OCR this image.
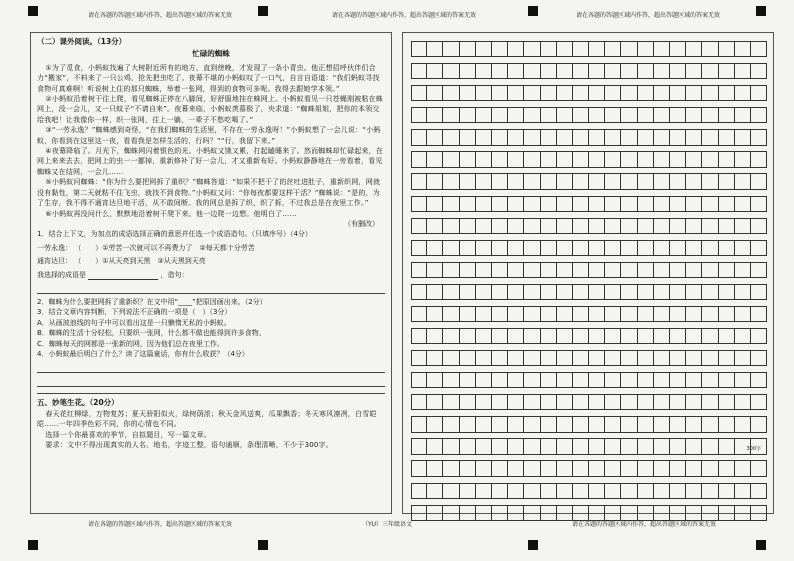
请在各题的答题区域内作答，超出答题区域的答案无效	请在各题的答题区域内作答，超出答题区域的答案无效	请在各题的答题区域内作答，超出答题区域的答案无效

（二）课外阅读。（13分）

忙碌的蜘蛛

①为了觅食，小蚂蚁找遍了大树附近所有的地方，直到傍晚，才发现了一条小青虫。他正想招呼伙伴们合力“搬家”，不料来了一只公鸡，抢先把虫吃了。夜幕不堪的小蚂蚁叹了一口气，自言自语道：“我们蚂蚁寻找食物可真难啊！听说树上住的那只蜘蛛，举着一张网，得到的食物可多呢。我得去跟她学本领。”

②小蚂蚁沿着树干往上爬，看见蜘蛛正停在八脚间，好舒服地挂在蛛网上。小蚂蚁看见一只苍蝇刚被粘在蛛网上，没一会儿，又一只蚊子“不请自来”。夜幕来临，小蚂蚁羡慕极了，央求道：“蜘蛛姐姐，把你的本领交给我吧！让我像你一样，织一张网，往上一躺，一辈子不愁吃喝了。”

③“一劳永逸？”蜘蛛感到奇怪，“在我们蜘蛛的生活里，不存在一劳永逸呀！”小蚂蚁想了一会儿说：“小蚂蚁，你看到在这里这一夜，看看我是怎样生活的，行吗？”“行，我留下来。”

④夜幕降临了。月光下，蜘蛛网闪着银色的光。小蚂蚁又饿又累，打起瞌睡来了。然而蜘蛛却忙碌起来，在网上来来去去，把网上的虫一一挪掉，重新修补了好一会儿，才又重新布好。小蚂蚁静静地在一旁看着，看见蜘蛛又在结网，一会儿……

⑤小蚂蚁问蜘蛛：“你为什么要把网拆了重织？”蜘蛛答道：“如果不把干了的丝吐进肚子，重新织网，网就没有黏性，第二天就粘不住飞虫，就找不到食物。”小蚂蚁又问：“你每夜都要这样干活？”蜘蛛说：“是的，为了生存，我不得不通宵达旦地干活，从不敢间断。我的网总是拆了织，织了拆，不过我总是在夜里工作。”

⑥小蚂蚁再没问什么，默默地沿着树干爬下来。他一边爬一边想。他明白了……

（有删改）

1．结合上下文，为加点的成语选择正确的意思并任选一个成语造句。（只填序号）（4分）

一劳永逸： （　　）①劳苦一次就可以不再费力了　②每天都十分劳苦

通宵达旦： （　　）①从天亮到天黑　②从天黑到天亮

我选择的成语是	，造句：

2．蜘蛛为什么要把网拆了重新织？在文中用“____”把原因画出来。（2分）

3．结合文章内容判断，下列说法不正确的一项是（　）（3分）

A．从画波浪线的句子中可以看出这是一只懒惰无私的小蚂蚁。

B．蜘蛛的生活十分轻松，只要织一张网，什么都不做也能得到许多食物。

C．蜘蛛每天的网都是一张新的网，因为他们总在夜里工作。

4．小蚂蚁最后明白了什么？读了这篇童话，你有什么收获？（4分）

五、妙笔生花。（20分）

春天花红柳绿，万物复苏；夏天骄阳似火，绿树荫浓；秋天金风送爽，瓜果飘香；冬天寒风凛冽，白雪皑皑……一年四季色彩不同，你的心情也不同。

选择一个你最喜欢的季节，自拟题目，写一篇文章。

要求：文中不得出现真实的人名、地名，字迹工整，语句通顺，条理清晰，不少于300字。	300字
请在各题的答题区域内作答，超出答题区域的答案无效	（YU）三年级语文	请在各题的答题区域内作答，超出答题区域的答案无效
